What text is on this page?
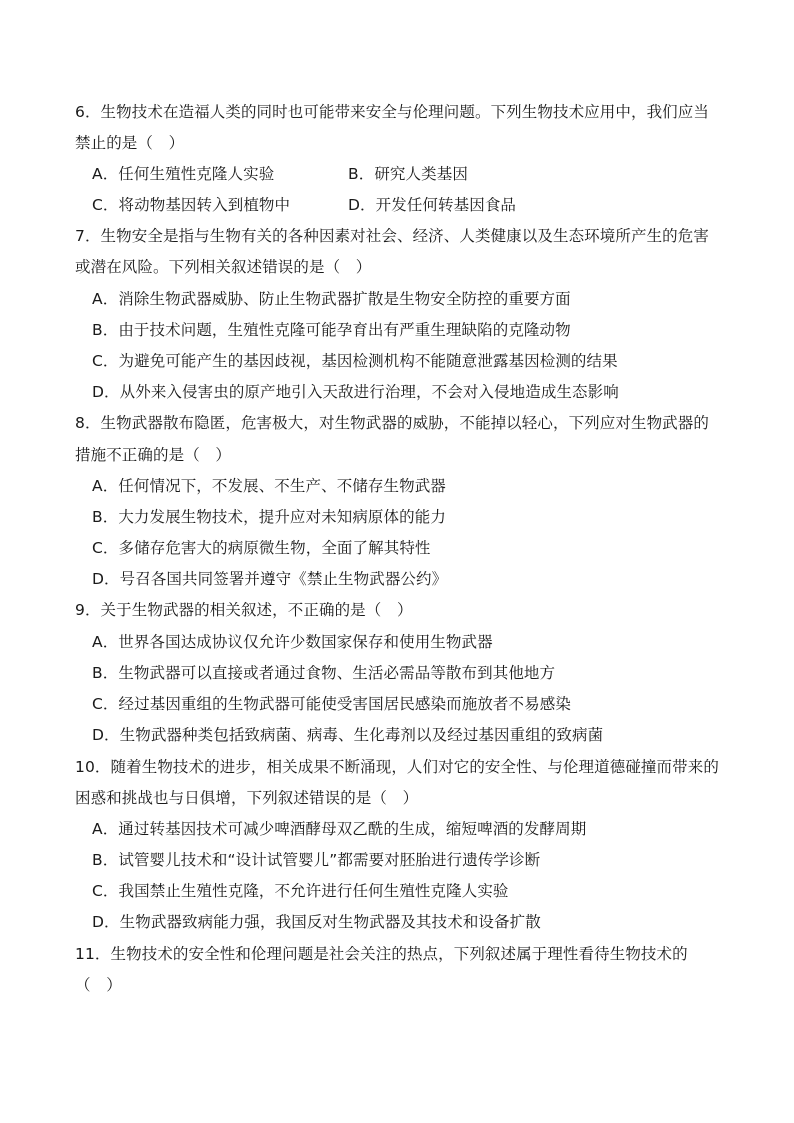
6．生物技术在造福人类的同时也可能带来安全与伦理问题。下列生物技术应用中，我们应当
禁止的是（　）
A．任何生殖性克隆人实验	B．研究人类基因
C．将动物基因转入到植物中	D．开发任何转基因食品
7．生物安全是指与生物有关的各种因素对社会、经济、人类健康以及生态环境所产生的危害
或潜在风险。下列相关叙述错误的是（　）
A．消除生物武器威胁、防止生物武器扩散是生物安全防控的重要方面
B．由于技术问题，生殖性克隆可能孕育出有严重生理缺陷的克隆动物
C．为避免可能产生的基因歧视，基因检测机构不能随意泄露基因检测的结果
D．从外来入侵害虫的原产地引入天敌进行治理，不会对入侵地造成生态影响
8．生物武器散布隐匿，危害极大，对生物武器的威胁，不能掉以轻心，下列应对生物武器的
措施不正确的是（　）
A．任何情况下，不发展、不生产、不储存生物武器
B．大力发展生物技术，提升应对未知病原体的能力
C．多储存危害大的病原微生物，全面了解其特性
D．号召各国共同签署并遵守《禁止生物武器公约》
9．关于生物武器的相关叙述，不正确的是（　）
A．世界各国达成协议仅允许少数国家保存和使用生物武器
B．生物武器可以直接或者通过食物、生活必需品等散布到其他地方
C．经过基因重组的生物武器可能使受害国居民感染而施放者不易感染
D．生物武器种类包括致病菌、病毒、生化毒剂以及经过基因重组的致病菌
10．随着生物技术的进步，相关成果不断涌现，人们对它的安全性、与伦理道德碰撞而带来的
困惑和挑战也与日俱增，下列叙述错误的是（　）
A．通过转基因技术可减少啤酒酵母双乙酰的生成，缩短啤酒的发酵周期
B．试管婴儿技术和“设计试管婴儿”都需要对胚胎进行遗传学诊断
C．我国禁止生殖性克隆，不允许进行任何生殖性克隆人实验
D．生物武器致病能力强，我国反对生物武器及其技术和设备扩散
11．生物技术的安全性和伦理问题是社会关注的热点，下列叙述属于理性看待生物技术的
（　）
